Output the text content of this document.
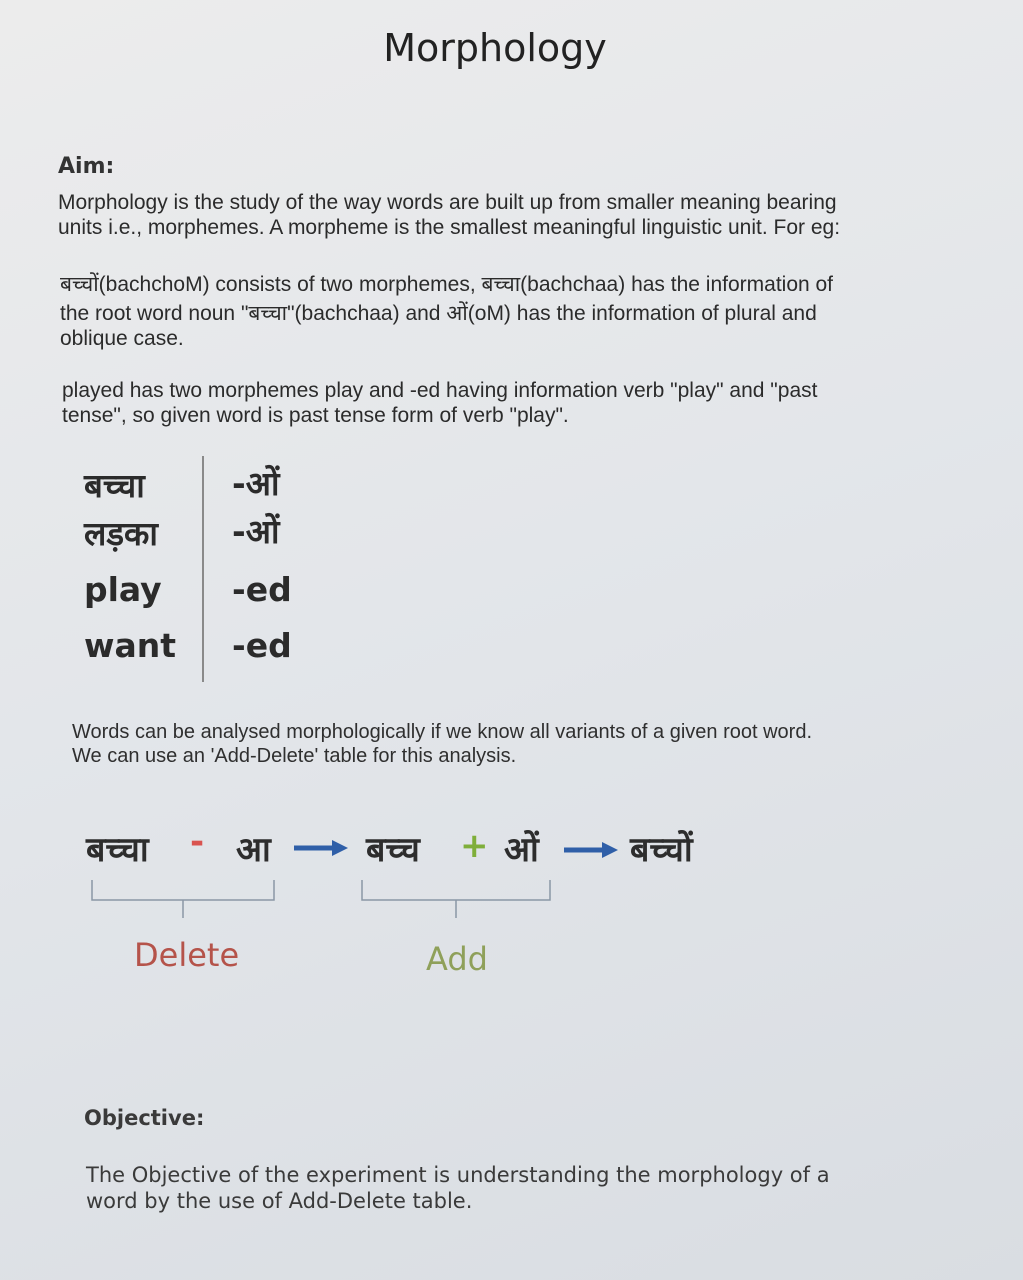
Morphology
Aim:
Morphology is the study of the way words are built up from smaller meaning bearing
units i.e., morphemes. A morpheme is the smallest meaningful linguistic unit. For eg:
बच्चों(bachchoM) consists of two morphemes, बच्चा(bachchaa) has the information of
the root word noun "बच्चा"(bachchaa) and ओं(oM) has the information of plural and
oblique case.
played has two morphemes play and -ed having information verb "play" and "past
tense", so given word is past tense form of verb "play".
बच्चा	-ओं
लड़का -ओं
play -ed
want -ed
Words can be analysed morphologically if we know all variants of a given root word.
We can use an 'Add-Delete' table for this analysis.
बच्चा - आ	बच्च + ओं	बच्चों
Delete	Add
Objective:
The Objective of the experiment is understanding the morphology of a
word by the use of Add-Delete table.
